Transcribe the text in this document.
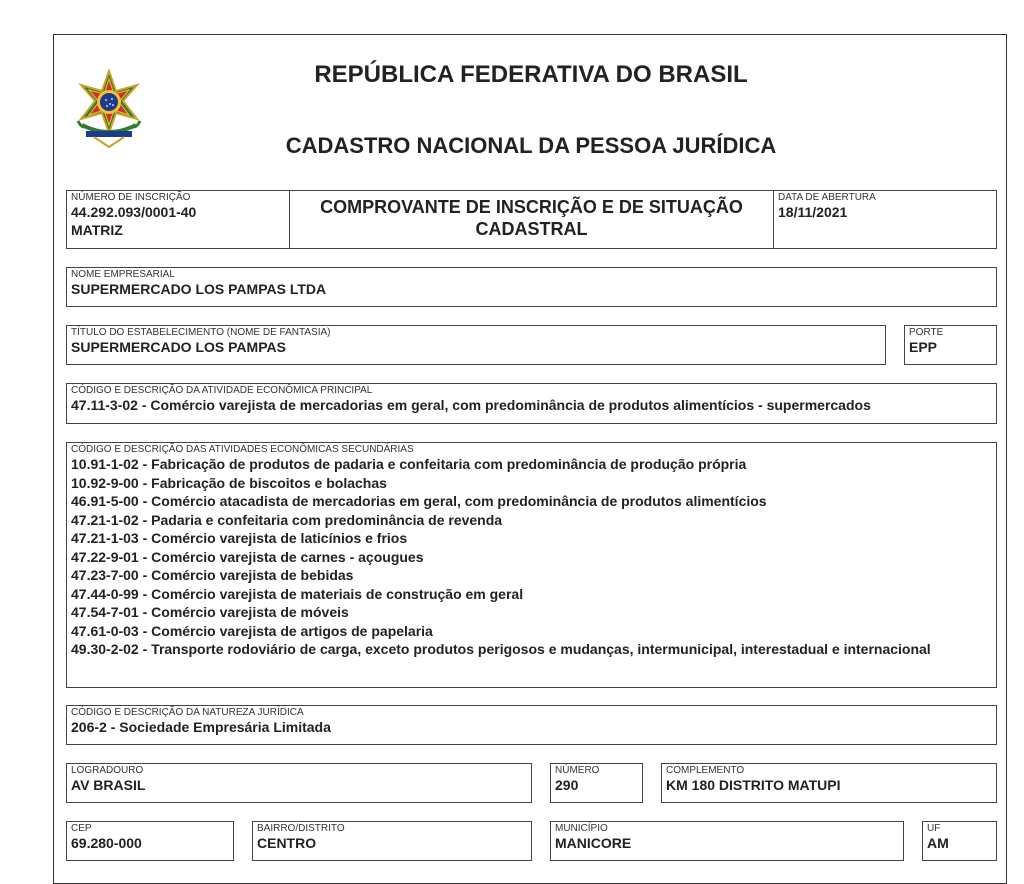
REPÚBLICA FEDERATIVA DO BRASIL
CADASTRO NACIONAL DA PESSOA JURÍDICA
NÚMERO DE INSCRIÇÃO
44.292.093/0001-40
MATRIZ
COMPROVANTE DE INSCRIÇÃO E DE SITUAÇÃO
CADASTRAL
DATA DE ABERTURA
18/11/2021
NOME EMPRESARIAL
SUPERMERCADO LOS PAMPAS LTDA
TÍTULO DO ESTABELECIMENTO (NOME DE FANTASIA)
SUPERMERCADO LOS PAMPAS
PORTE
EPP
CÓDIGO E DESCRIÇÃO DA ATIVIDADE ECONÔMICA PRINCIPAL
47.11-3-02 - Comércio varejista de mercadorias em geral, com predominância de produtos alimentícios - supermercados
CÓDIGO E DESCRIÇÃO DAS ATIVIDADES ECONÔMICAS SECUNDÁRIAS
10.91-1-02 - Fabricação de produtos de padaria e confeitaria com predominância de produção própria
10.92-9-00 - Fabricação de biscoitos e bolachas
46.91-5-00 - Comércio atacadista de mercadorias em geral, com predominância de produtos alimentícios
47.21-1-02 - Padaria e confeitaria com predominância de revenda
47.21-1-03 - Comércio varejista de laticínios e frios
47.22-9-01 - Comércio varejista de carnes - açougues
47.23-7-00 - Comércio varejista de bebidas
47.44-0-99 - Comércio varejista de materiais de construção em geral
47.54-7-01 - Comércio varejista de móveis
47.61-0-03 - Comércio varejista de artigos de papelaria
49.30-2-02 - Transporte rodoviário de carga, exceto produtos perigosos e mudanças, intermunicipal, interestadual e internacional
CÓDIGO E DESCRIÇÃO DA NATUREZA JURÍDICA
206-2 - Sociedade Empresária Limitada
LOGRADOURO
AV BRASIL
NÚMERO
290
COMPLEMENTO
KM 180 DISTRITO MATUPI
CEP
69.280-000
BAIRRO/DISTRITO
CENTRO
MUNICÍPIO
MANICORE
UF
AM
